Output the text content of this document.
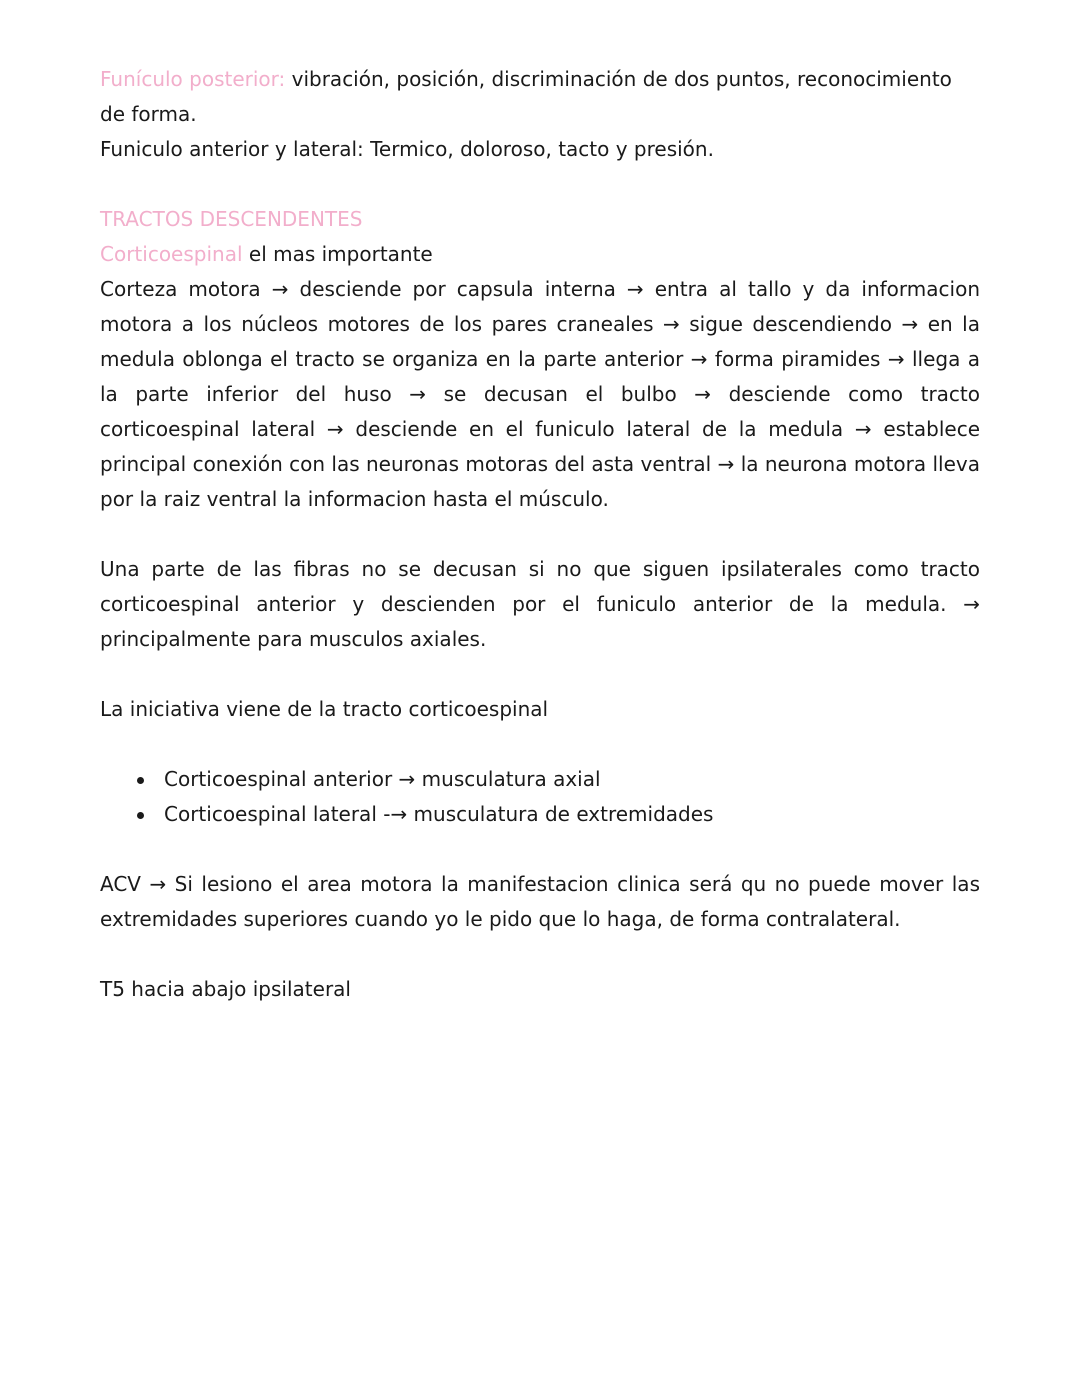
Funículo posterior: vibración, posición, discriminación de dos puntos, reconocimiento de forma.

Funiculo anterior y lateral: Termico, doloroso, tacto y presión.

TRACTOS DESCENDENTES

Corticoespinal el mas importante

Corteza motora → desciende por capsula interna → entra al tallo y da informacion motora a los núcleos motores de los pares craneales → sigue descendiendo → en la medula oblonga el tracto se organiza en la parte anterior → forma piramides → llega a la parte inferior del huso → se decusan el bulbo → desciende como tracto corticoespinal lateral → desciende en el funiculo lateral de la medula → establece principal conexión con las neuronas motoras del asta ventral → la neurona motora lleva por la raiz ventral la informacion hasta el músculo.

Una parte de las fibras no se decusan si no que siguen ipsilaterales como tracto corticoespinal anterior y descienden por el funiculo anterior de la medula. → principalmente para musculos axiales.

La iniciativa viene de la tracto corticoespinal

Corticoespinal anterior → musculatura axial
Corticoespinal lateral -→ musculatura de extremidades

ACV → Si lesiono el area motora la manifestacion clinica será qu no puede mover las extremidades superiores cuando yo le pido que lo haga, de forma contralateral.

T5 hacia abajo ipsilateral
